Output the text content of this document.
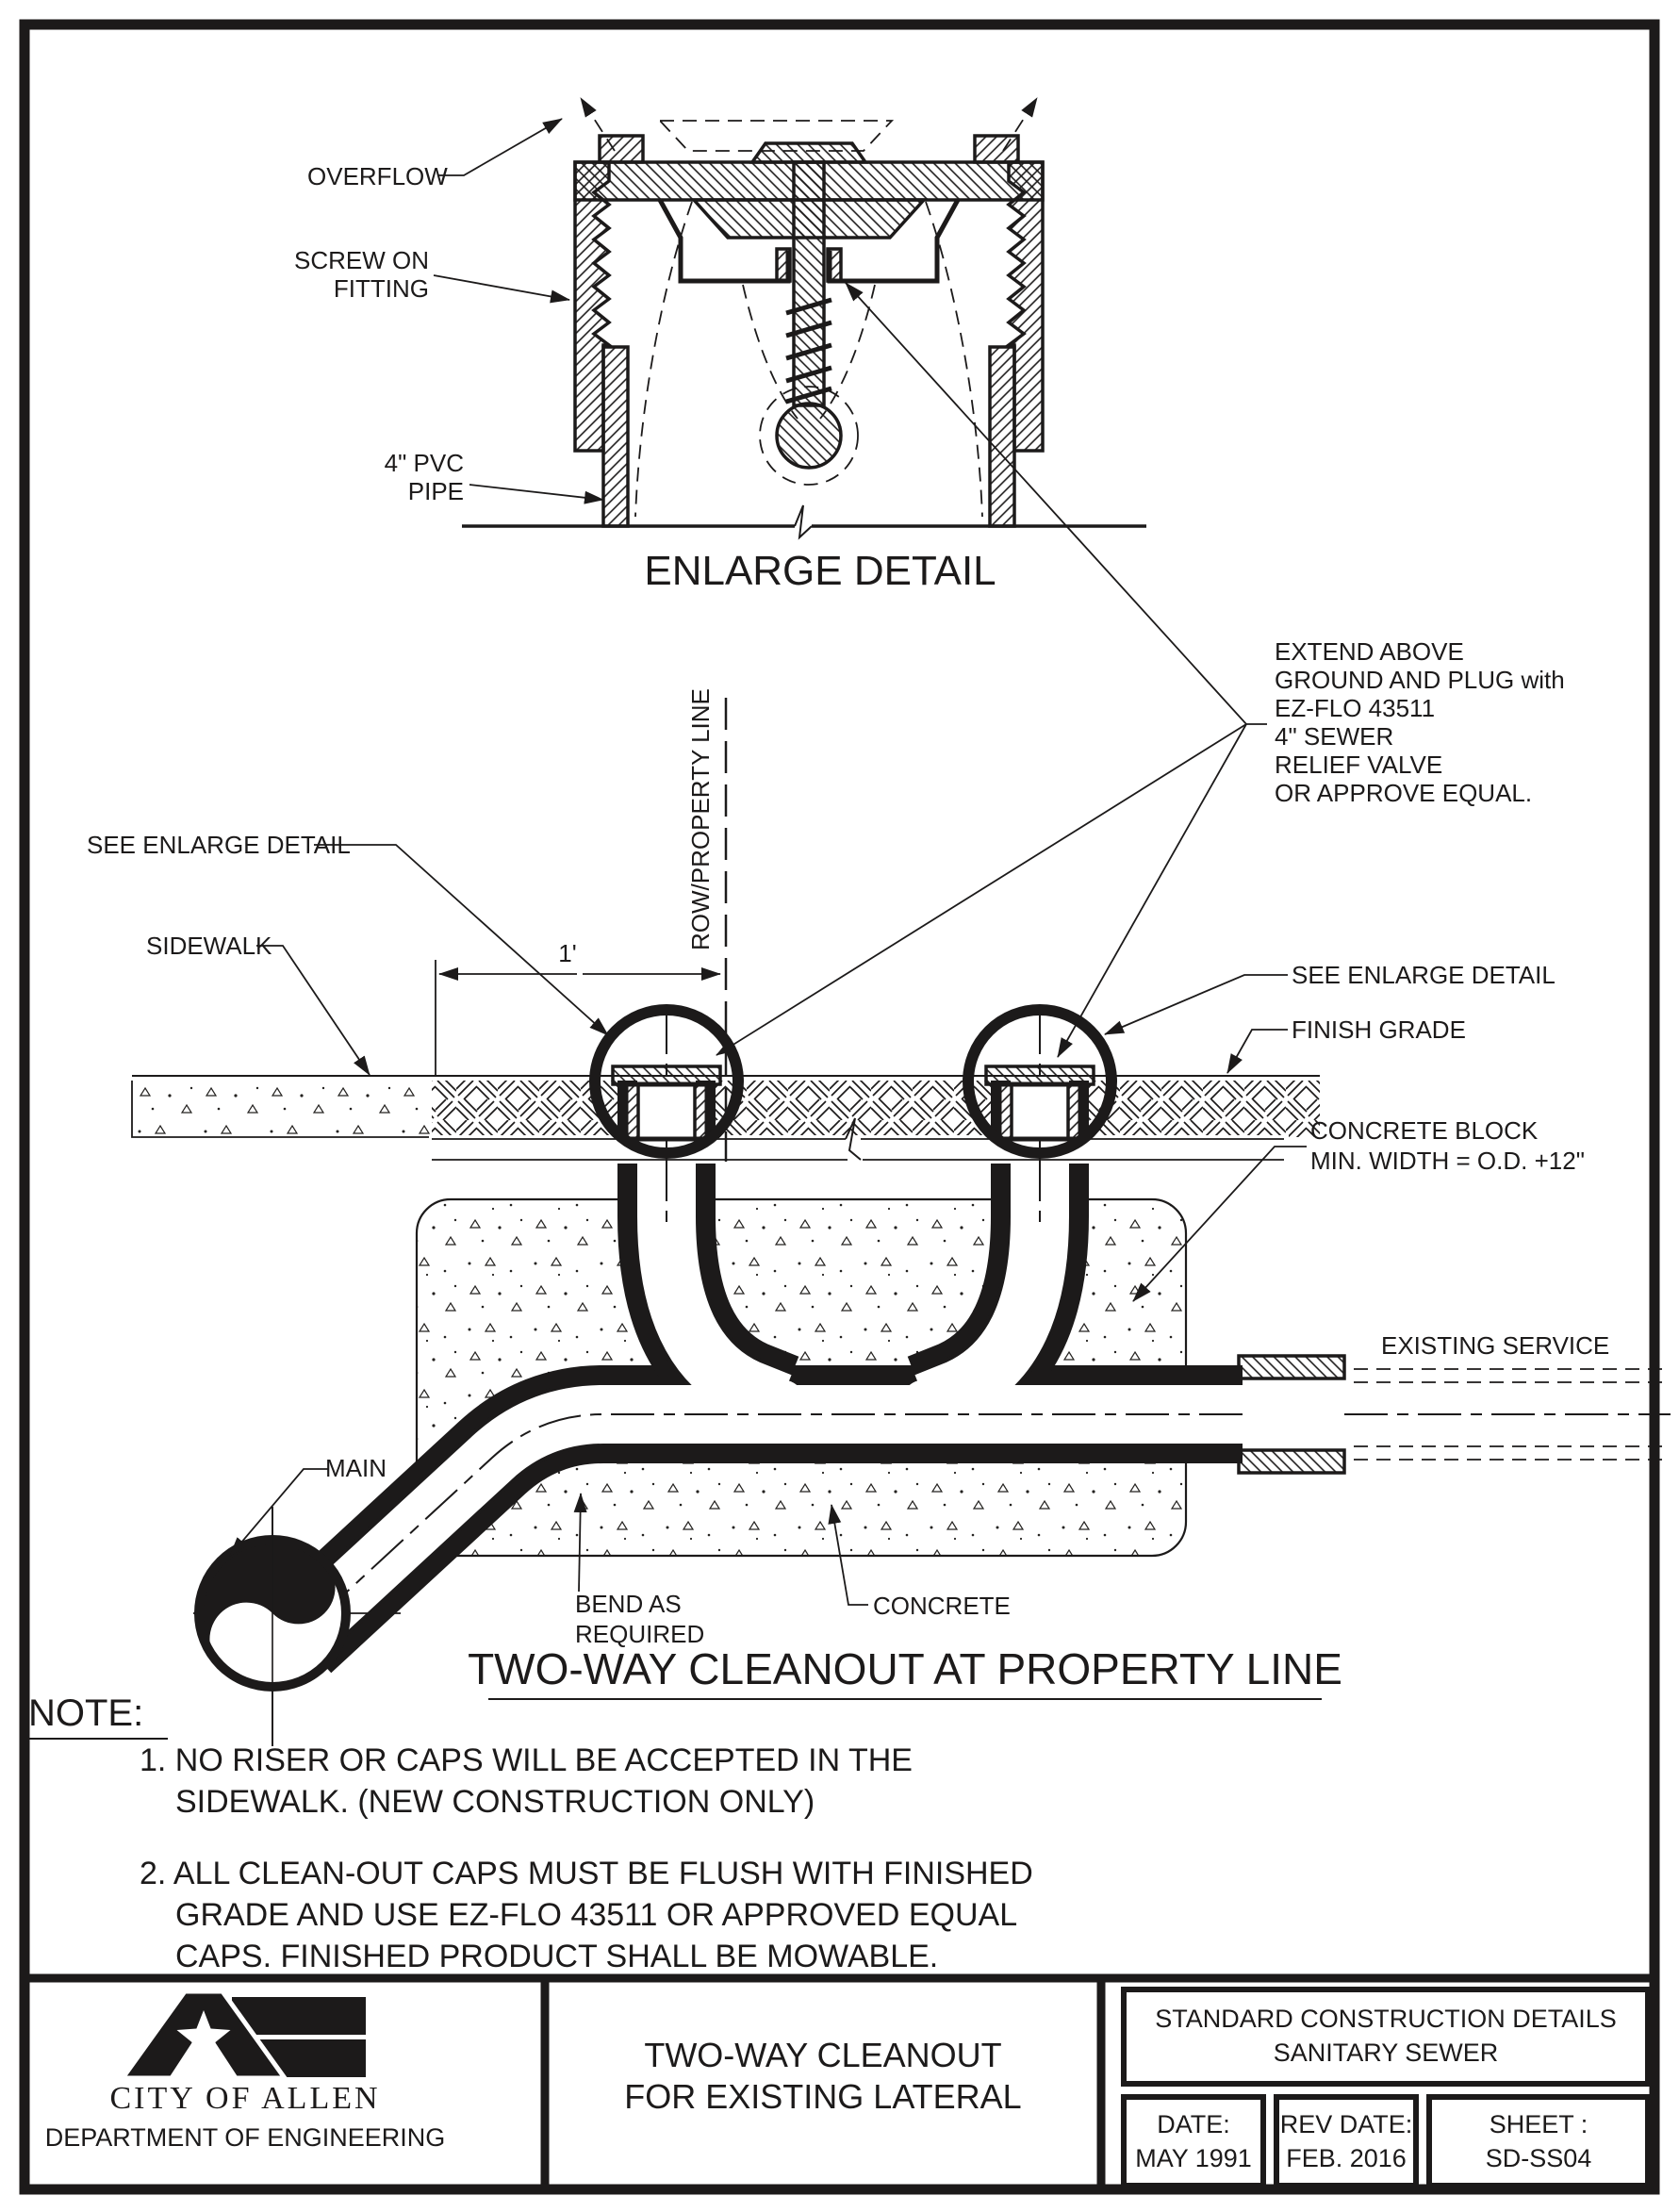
OVERFLOW
SCREW ON
FITTING
4" PVC
PIPE
ENLARGE DETAIL
1'
ROW/PROPERTY LINE
EXTEND ABOVE
GROUND AND PLUG with
EZ-FLO 43511
4" SEWER
RELIEF VALVE
OR APPROVE EQUAL.
SEE ENLARGE DETAIL
SIDEWALK
SEE ENLARGE DETAIL
FINISH GRADE
CONCRETE BLOCK
MIN. WIDTH = O.D. +12"
EXISTING SERVICE
MAIN
BEND AS
REQUIRED
CONCRETE
TWO-WAY CLEANOUT AT PROPERTY LINE
NOTE:
1. NO RISER OR CAPS WILL BE ACCEPTED IN THE
SIDEWALK. (NEW CONSTRUCTION ONLY)
2. ALL CLEAN-OUT CAPS MUST BE FLUSH WITH FINISHED
GRADE AND USE EZ-FLO 43511 OR APPROVED EQUAL
CAPS. FINISHED PRODUCT SHALL BE MOWABLE.
CITY OF ALLEN
DEPARTMENT OF ENGINEERING
TWO-WAY CLEANOUT
FOR EXISTING LATERAL
STANDARD CONSTRUCTION DETAILS
SANITARY SEWER
DATE:
MAY 1991
REV DATE:
FEB. 2016
SHEET :
SD-SS04
